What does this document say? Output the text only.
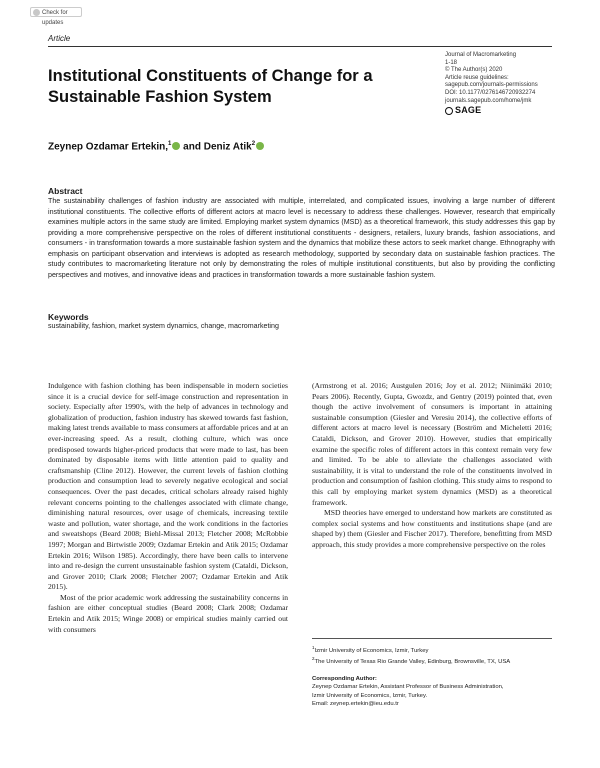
Check for updates
Article
Journal of Macromarketing
1-18
© The Author(s) 2020
Article reuse guidelines:
sagepub.com/journals-permissions
DOI: 10.1177/0276146720932274
journals.sagepub.com/home/jmk
SAGE
Institutional Constituents of Change for a Sustainable Fashion System
Zeynep Ozdamar Ertekin,$^1$ and Deniz Atik$^2$
Abstract
The sustainability challenges of fashion industry are associated with multiple, interrelated, and complicated issues, involving a large number of different institutional constituents. The collective efforts of different actors at macro level is necessary to address these challenges. However, research that empirically examines multiple actors in the same study are limited. Employing market system dynamics (MSD) as a theoretical framework, this study addresses this gap by providing a more comprehensive perspective on the roles of different institutional constituents - designers, retailers, luxury brands, fashion associations, and consumers - in transformation towards a more sustainable fashion system and the dynamics that mobilize these actors to seek market change. Ethnography with emphasis on participant observation and interviews is adopted as research methodology, supported by secondary data on sustainable fashion practices. The study contributes to macromarketing literature not only by demonstrating the roles of multiple institutional constituents, but also by providing the conflicting perspectives and motives, and innovative ideas and practices in transformation towards a more sustainable fashion system.
Keywords
sustainability, fashion, market system dynamics, change, macromarketing

Indulgence with fashion clothing has been indispensable in modern societies since it is a crucial device for self-image construction and representation in society. Especially after 1990's, with the help of advances in technology and globalization of production, fashion industry has skewed towards fast fashion, making latest trends available to mass consumers at affordable prices and at an ever-increasing speed. As a result, clothing culture, which was once predisposed towards higher-priced products that were made to last, has been dominated by disposable items with little attention paid to quality and craftsmanship (Cline 2012). However, the current levels of fashion clothing production and consumption lead to severely negative ecological and social consequences. Over the past decades, critical scholars already raised highly relevant concerns pointing to the challenges associated with climate change, diminishing natural resources, over usage of chemicals, increasing textile waste and pollution, water shortage, and the work conditions in the factories and sweatshops (Beard 2008; Biehl-Missal 2013; Fletcher 2008; McRobbie 1997; Morgan and Birtwistle 2009; Ozdamar Ertekin and Atik 2015; Ozdamar Ertekin 2016; Wilson 1985). Accordingly, there have been calls to intervene into and re-design the current unsustainable fashion system (Cataldi, Dickson, and Grover 2010; Clark 2008; Fletcher 2007; Ozdamar Ertekin and Atik 2015).

Most of the prior academic work addressing the sustainability concerns in fashion are either conceptual studies (Beard 2008; Clark 2008; Ozdamar Ertekin and Atik 2015; Winge 2008) or empirical studies mainly carried out with consumers

(Armstrong et al. 2016; Austgulen 2016; Joy et al. 2012; Niinimäki 2010; Pears 2006). Recently, Gupta, Gwozdz, and Gentry (2019) pointed that, even though the active involvement of consumers is important in attaining sustainable consumption (Giesler and Veresiu 2014), the collective efforts of different actors at macro level is necessary (Boström and Micheletti 2016; Cataldi, Dickson, and Grover 2010). However, studies that empirically examine the specific roles of different actors in this context remain very few and limited. To be able to alleviate the challenges associated with sustainability, it is vital to understand the role of the constituents involved in production and consumption of fashion clothing. This study aims to respond to this call by employing market system dynamics (MSD) as a theoretical framework.

MSD theories have emerged to understand how markets are constituted as complex social systems and how constituents and institutions shape (and are shaped by) them (Giesler and Fischer 2017). Therefore, benefitting from MSD approach, this study provides a more comprehensive perspective on the roles

$^1$Izmir University of Economics, Izmir, Turkey
$^2$The University of Texas Rio Grande Valley, Edinburg, Brownsville, TX, USA
Corresponding Author:
Zeynep Ozdamar Ertekin, Assistant Professor of Business Administration,
Izmir University of Economics, Izmir, Turkey.
Email: zeynep.ertekin@ieu.edu.tr
